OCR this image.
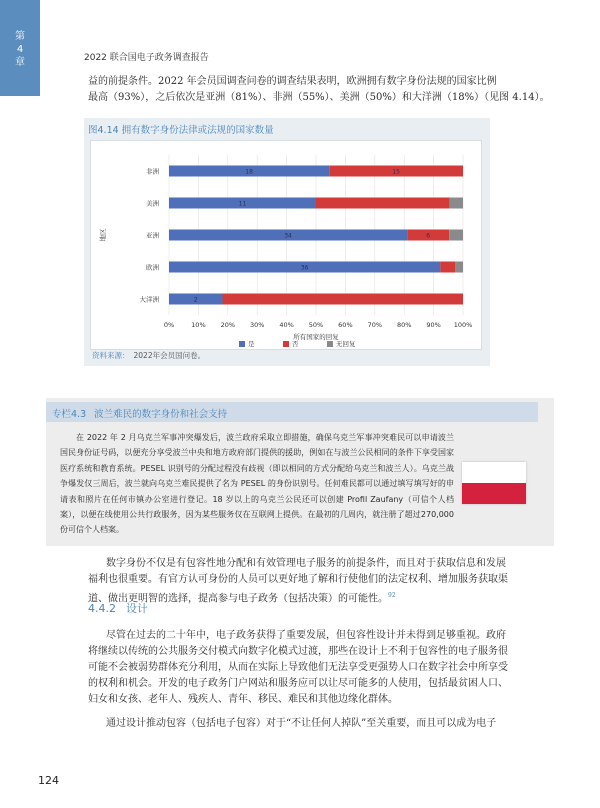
第
4
章	2022 联合国电子政务调查报告
益的前提条件。2022 年会员国调查问卷的调查结果表明，欧洲拥有数字身份法规的国家比例
最高（93%），之后依次是亚洲（81%）、非洲（55%）、美洲（50%）和大洋洲（18%）（见图 4.14）。
图4.14 拥有数字身份法律或法规的国家数量
0%	10% 20% 30% 40% 50% 60% 70% 80% 90% 100%
地区
所有国家的回复
非洲	18	15
美洲	11
亚洲	34	6
欧洲	36
大洋洲	2
是	否	无回复
资料来源： 2022年会员国问卷。
专栏4.3 波兰难民的数字身份和社会支持
在 2022 年 2 月乌克兰军事冲突爆发后，波兰政府采取立即措施，确保乌克兰军事冲突难民可以申请波兰国民身份证号码，以便充分享受波兰中央和地方政府部门提供的援助，例如在与波兰公民相同的条件下享受国家医疗系统和教育系统。PESEL 识别号的分配过程没有歧视（即以相同的方式分配给乌克兰和波兰人）。乌克兰战争爆发仅三周后，波兰就向乌克兰难民提供了名为 PESEL 的身份识别号。任何难民都可以通过填写填写好的申请表和照片在任何市镇办公室进行登记。18 岁以上的乌克兰公民还可以创建 Profil Zaufany（可信个人档案），以便在线使用公共行政服务，因为某些服务仅在互联网上提供。在最初的几周内，就注册了超过270,000 份可信个人档案。
数字身份不仅是有包容性地分配和有效管理电子服务的前提条件，而且对于获取信息和发展福利也很重要。有官方认可身份的人员可以更好地了解和行使他们的法定权利、增加服务获取渠道、做出更明智的选择，提高参与电子政务（包括决策）的可能性。$^{92}$
4.4.2 设计
尽管在过去的二十年中，电子政务获得了重要发展，但包容性设计并未得到足够重视。政府将继续以传统的公共服务交付模式向数字化模式过渡，那些在设计上不利于包容性的电子服务很可能不会被弱势群体充分利用，从而在实际上导致他们无法享受更强势人口在数字社会中所享受的权利和机会。开发的电子政务门户网站和服务应可以让尽可能多的人使用，包括最贫困人口、妇女和女孩、老年人、残疾人、青年、移民、难民和其他边缘化群体。
通过设计推动包容（包括电子包容）对于“不让任何人掉队”至关重要，而且可以成为电子
124
